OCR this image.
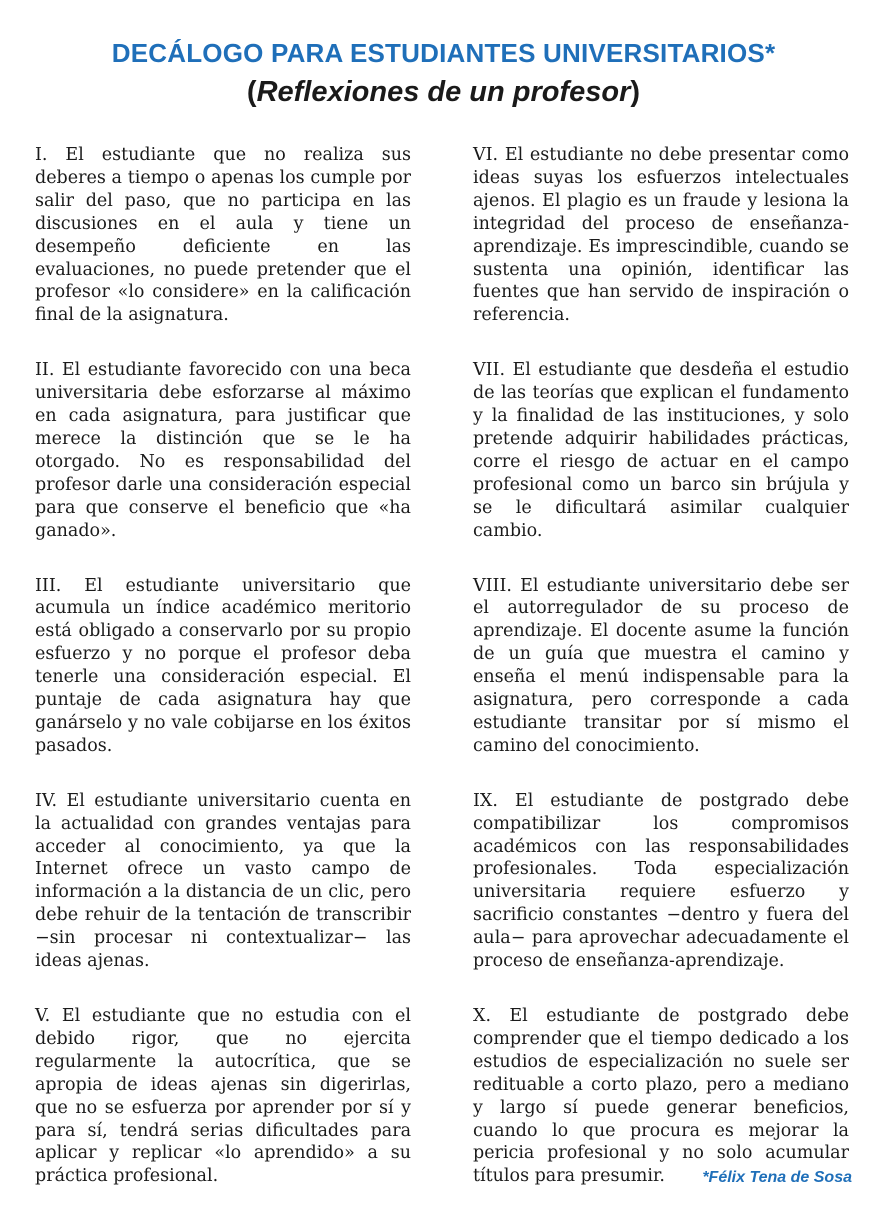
DECÁLOGO PARA ESTUDIANTES UNIVERSITARIOS*
(Reflexiones de un profesor)

I. El estudiante que no realiza sus deberes a tiempo o apenas los cumple por salir del paso, que no participa en las discusiones en el aula y tiene un desempeño deficiente en las evaluaciones, no puede pretender que el profesor «lo considere» en la calificación final de la asignatura.

II. El estudiante favorecido con una beca universitaria debe esforzarse al máximo en cada asignatura, para justificar que merece la distinción que se le ha otorgado. No es responsabilidad del profesor darle una consideración especial para que conserve el beneficio que «ha ganado».

III. El estudiante universitario que acumula un índice académico meritorio está obligado a conservarlo por su propio esfuerzo y no porque el profesor deba tenerle una consideración especial. El puntaje de cada asignatura hay que ganárselo y no vale cobijarse en los éxitos pasados.

IV. El estudiante universitario cuenta en la actualidad con grandes ventajas para acceder al conocimiento, ya que la Internet ofrece un vasto campo de información a la distancia de un clic, pero debe rehuir de la tentación de transcribir −sin procesar ni contextualizar− las ideas ajenas.

V. El estudiante que no estudia con el debido rigor, que no ejercita regularmente la autocrítica, que se apropia de ideas ajenas sin digerirlas, que no se esfuerza por aprender por sí y para sí, tendrá serias dificultades para aplicar y replicar «lo aprendido» a su práctica profesional.

VI. El estudiante no debe presentar como ideas suyas los esfuerzos intelectuales ajenos. El plagio es un fraude y lesiona la integridad del proceso de enseñanza-aprendizaje. Es imprescindible, cuando se sustenta una opinión, identificar las fuentes que han servido de inspiración o referencia.

VII. El estudiante que desdeña el estudio de las teorías que explican el fundamento y la finalidad de las instituciones, y solo pretende adquirir habilidades prácticas, corre el riesgo de actuar en el campo profesional como un barco sin brújula y se le dificultará asimilar cualquier cambio.

VIII. El estudiante universitario debe ser el autorregulador de su proceso de aprendizaje. El docente asume la función de un guía que muestra el camino y enseña el menú indispensable para la asignatura, pero corresponde a cada estudiante transitar por sí mismo el camino del conocimiento.

IX. El estudiante de postgrado debe compatibilizar los compromisos académicos con las responsabilidades profesionales. Toda especialización universitaria requiere esfuerzo y sacrificio constantes −dentro y fuera del aula− para aprovechar adecuadamente el proceso de enseñanza-aprendizaje.

X. El estudiante de postgrado debe comprender que el tiempo dedicado a los estudios de especialización no suele ser redituable a corto plazo, pero a mediano y largo sí puede generar beneficios, cuando lo que procura es mejorar la pericia profesional y no solo acumular títulos para presumir.	*Félix Tena de Sosa
